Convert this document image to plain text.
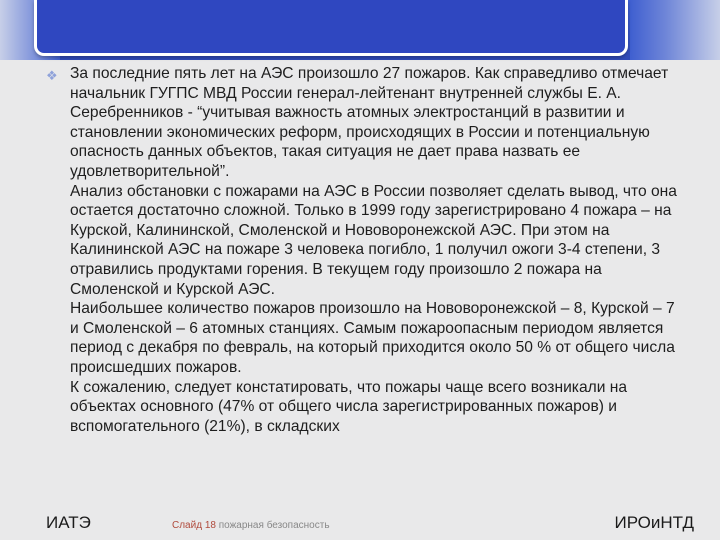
❖ За последние пять лет на АЭС произошло 27 пожаров. Как справедливо отмечает начальник ГУГПС МВД России генерал-лейтенант внутренней службы Е. А. Серебренников - “учитывая важность атомных электростанций в развитии и становлении экономических реформ, происходящих в России и потенциальную опасность данных объектов, такая ситуация не дает права назвать ее удовлетворительной”.

Анализ обстановки с пожарами на АЭС в России позволяет сделать вывод, что она остается достаточно сложной. Только в 1999 году зарегистрировано 4 пожара – на Курской, Калининской, Смоленской и Нововоронежской АЭС. При этом на Калининской АЭС на пожаре 3 человека погибло, 1 получил ожоги 3-4 степени, 3 отравились продуктами горения. В текущем году произошло 2 пожара на Смоленской и Курской АЭС.

Наибольшее количество пожаров произошло на Нововоронежской – 8, Курской – 7 и Смоленской – 6 атомных станциях. Самым пожароопасным периодом является период с декабря по февраль, на который приходится около 50 % от общего числа происшедших пожаров.

К сожалению, следует констатировать, что пожары чаще всего возникали на объектах основного (47% от общего числа зарегистрированных пожаров) и вспомогательного (21%), в складских

ИАТЭ	Слайд 18 пожарная безопасность	ИРОиНТД
